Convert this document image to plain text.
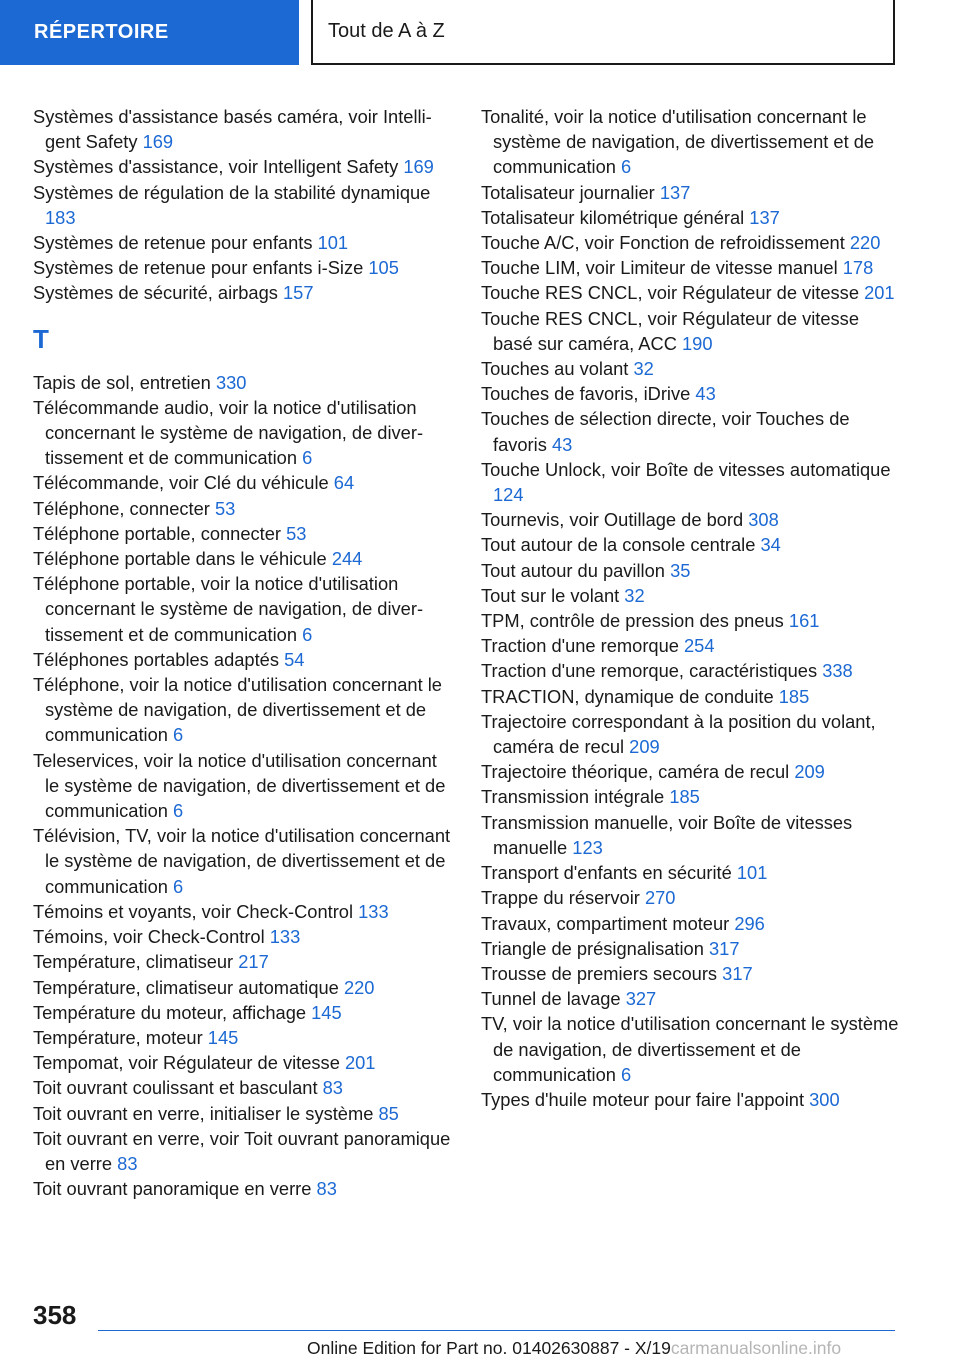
RÉPERTOIRE	Tout de A à Z
Systèmes d'assistance basés caméra, voir Intelligent Safety 169
Systèmes d'assistance, voir Intelligent Safety 169
Systèmes de régulation de la stabilité dynamique 183
Systèmes de retenue pour enfants 101
Systèmes de retenue pour enfants i-Size 105
Systèmes de sécurité, airbags 157
T
Tapis de sol, entretien 330
Télécommande audio, voir la notice d'utilisation concernant le système de navigation, de divertissement et de communication 6
Télécommande, voir Clé du véhicule 64
Téléphone, connecter 53
Téléphone portable, connecter 53
Téléphone portable dans le véhicule 244
Téléphone portable, voir la notice d'utilisation concernant le système de navigation, de divertissement et de communication 6
Téléphones portables adaptés 54
Téléphone, voir la notice d'utilisation concernant le système de navigation, de divertissement et de communication 6
Teleservices, voir la notice d'utilisation concernant le système de navigation, de divertissement et de communication 6
Télévision, TV, voir la notice d'utilisation concernant le système de navigation, de divertissement et de communication 6
Témoins et voyants, voir Check-Control 133
Témoins, voir Check-Control 133
Température, climatiseur 217
Température, climatiseur automatique 220
Température du moteur, affichage 145
Température, moteur 145
Tempomat, voir Régulateur de vitesse 201
Toit ouvrant coulissant et basculant 83
Toit ouvrant en verre, initialiser le système 85
Toit ouvrant en verre, voir Toit ouvrant panoramique en verre 83
Toit ouvrant panoramique en verre 83
Tonalité, voir la notice d'utilisation concernant le système de navigation, de divertissement et de communication 6
Totalisateur journalier 137
Totalisateur kilométrique général 137
Touche A/C, voir Fonction de refroidissement 220
Touche LIM, voir Limiteur de vitesse manuel 178
Touche RES CNCL, voir Régulateur de vitesse 201
Touche RES CNCL, voir Régulateur de vitesse basé sur caméra, ACC 190
Touches au volant 32
Touches de favoris, iDrive 43
Touches de sélection directe, voir Touches de favoris 43
Touche Unlock, voir Boîte de vitesses automatique 124
Tournevis, voir Outillage de bord 308
Tout autour de la console centrale 34
Tout autour du pavillon 35
Tout sur le volant 32
TPM, contrôle de pression des pneus 161
Traction d'une remorque 254
Traction d'une remorque, caractéristiques 338
TRACTION, dynamique de conduite 185
Trajectoire correspondant à la position du volant, caméra de recul 209
Trajectoire théorique, caméra de recul 209
Transmission intégrale 185
Transmission manuelle, voir Boîte de vitesses manuelle 123
Transport d'enfants en sécurité 101
Trappe du réservoir 270
Travaux, compartiment moteur 296
Triangle de présignalisation 317
Trousse de premiers secours 317
Tunnel de lavage 327
TV, voir la notice d'utilisation concernant le système de navigation, de divertissement et de communication 6
Types d'huile moteur pour faire l'appoint 300
358
Online Edition for Part no. 01402630887 - X/19carmanualsonline.info
